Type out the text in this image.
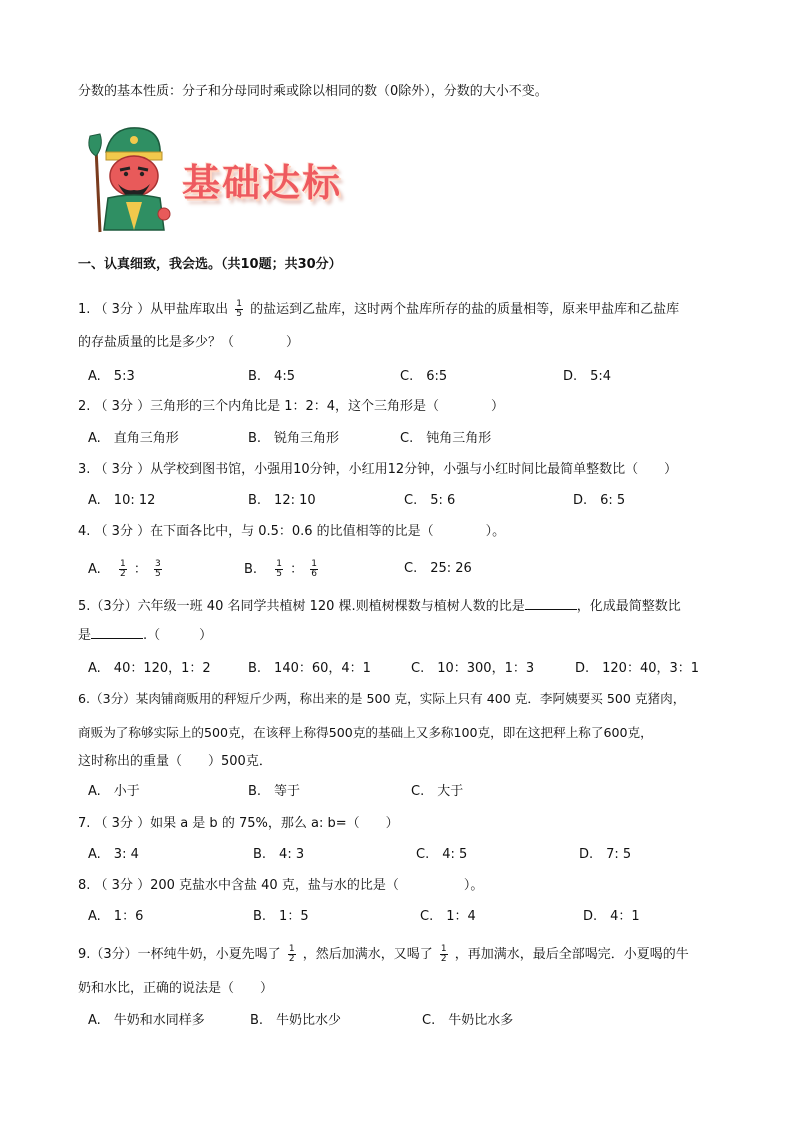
分数的基本性质：分子和分母同时乘或除以相同的数（0除外），分数的大小不变。
基础达标
一、认真细致，我会选。（共10题；共30分）
1. （ 3分 ）从甲盐库取出 $\frac{1}{5}$ 的盐运到乙盐库，这时两个盐库所存的盐的质量相等，原来甲盐库和乙盐库
的存盐质量的比是多少？（　　　　）
A.　5:3	B.　4:5	C.　6:5	D.　5:4
2. （ 3分 ）三角形的三个内角比是 1：2：4，这个三角形是（　　　　）
A.　直角三角形	B.　锐角三角形	C.　钝角三角形
3. （ 3分 ）从学校到图书馆，小强用10分钟，小红用12分钟，小强与小红时间比最简单整数比（　　）
A.　10: 12	B.　12: 10	C.　5: 6	D.　6: 5
4. （ 3分 ）在下面各比中，与 0.5：0.6 的比值相等的比是（　　　　）。
A. $\frac{1}{2}$ ： $\frac{3}{5}$	B. $\frac{1}{5}$ ： $\frac{1}{6}$	C.　25: 26
5.（3分）六年级一班 40 名同学共植树 120 棵.则植树棵数与植树人数的比是	，化成最简整数比
是	.（　　　）
A.　40：120，1：2	B.　140：60，4：1	C.　10：300，1：3	D.　120：40，3：1
6.（3分）某肉铺商贩用的秤短斤少两，称出来的是 500 克，实际上只有 400 克．李阿姨要买 500 克猪肉，
商贩为了称够实际上的500克，在该秤上称得500克的基础上又多称100克，即在这把秤上称了600克，
这时称出的重量（　　）500克．
A.　小于	B.　等于	C.　大于
7. （ 3分 ）如果 a 是 b 的 75%，那么 a: b=（　　）
A.　3: 4	B.　4: 3	C.　4: 5	D.　7: 5
8. （ 3分 ）200 克盐水中含盐 40 克，盐与水的比是（　　　　　）。
A.　1：6	B.　1：5	C.　1：4	D.　4：1
9.（3分）一杯纯牛奶，小夏先喝了 $\frac{1}{2}$ ，然后加满水，又喝了 $\frac{1}{2}$ ，再加满水，最后全部喝完．小夏喝的牛
奶和水比，正确的说法是（　　）
A.　牛奶和水同样多	B.　牛奶比水少	C.　牛奶比水多
